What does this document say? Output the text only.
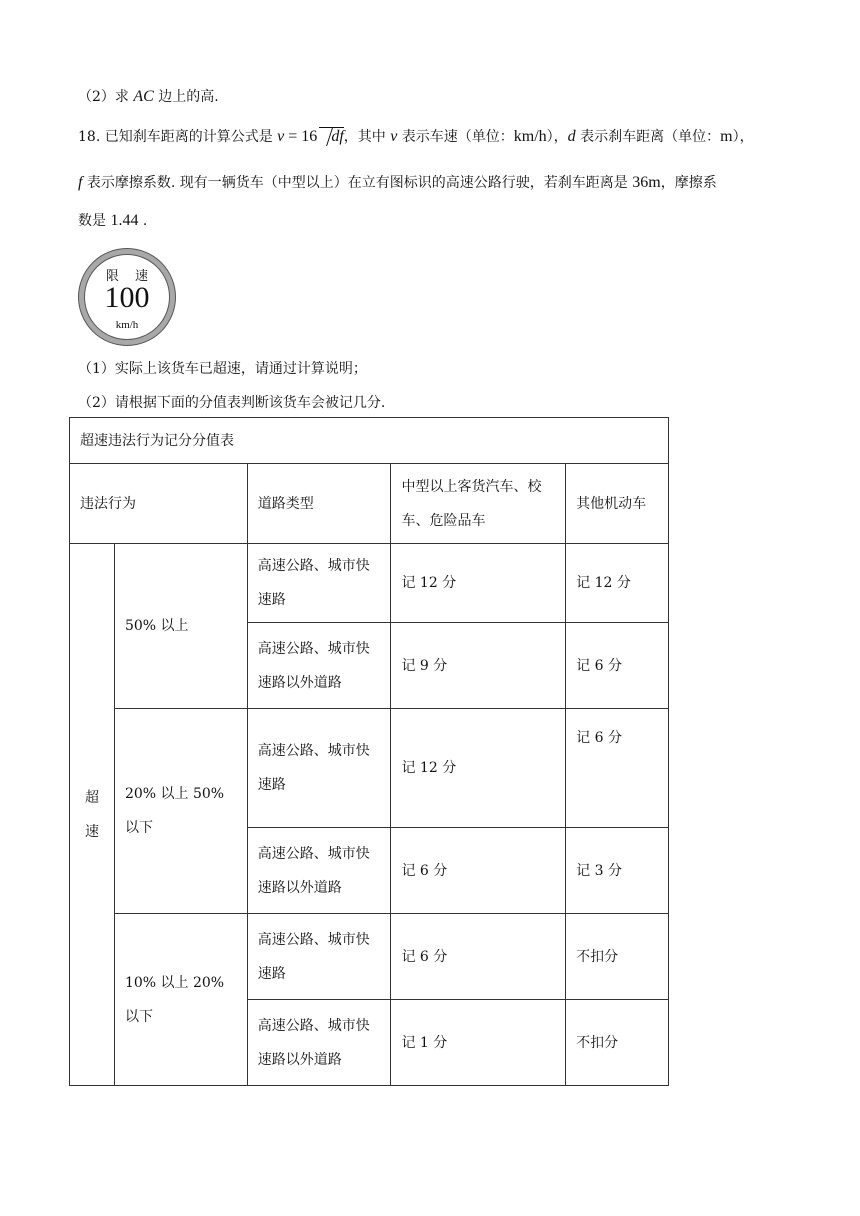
（2）求 AC 边上的高.
18. 已知刹车距离的计算公式是 v = 16 df，其中 v 表示车速（单位：km/h），d 表示刹车距离（单位：m），
f 表示摩擦系数. 现有一辆货车（中型以上）在立有图标识的高速公路行驶，若刹车距离是 36m，摩擦系
数是 1.44 .
限 速
100
km/h
（1）实际上该货车已超速，请通过计算说明；
（2）请根据下面的分值表判断该货车会被记几分.
超速违法行为记分分值表				
违法行为		道路类型	中型以上客货汽车、校车、危险品车	其他机动车
超速	50% 以上	高速公路、城市快速路	记 12 分	记 12 分
		高速公路、城市快速路以外道路	记 9 分	记 6 分
	20% 以上 50% 以下	高速公路、城市快速路	记 12 分	记 6 分
		高速公路、城市快速路以外道路	记 6 分	记 3 分
	10% 以上 20% 以下	高速公路、城市快速路	记 6 分	不扣分
		高速公路、城市快速路以外道路	记 1 分	不扣分
